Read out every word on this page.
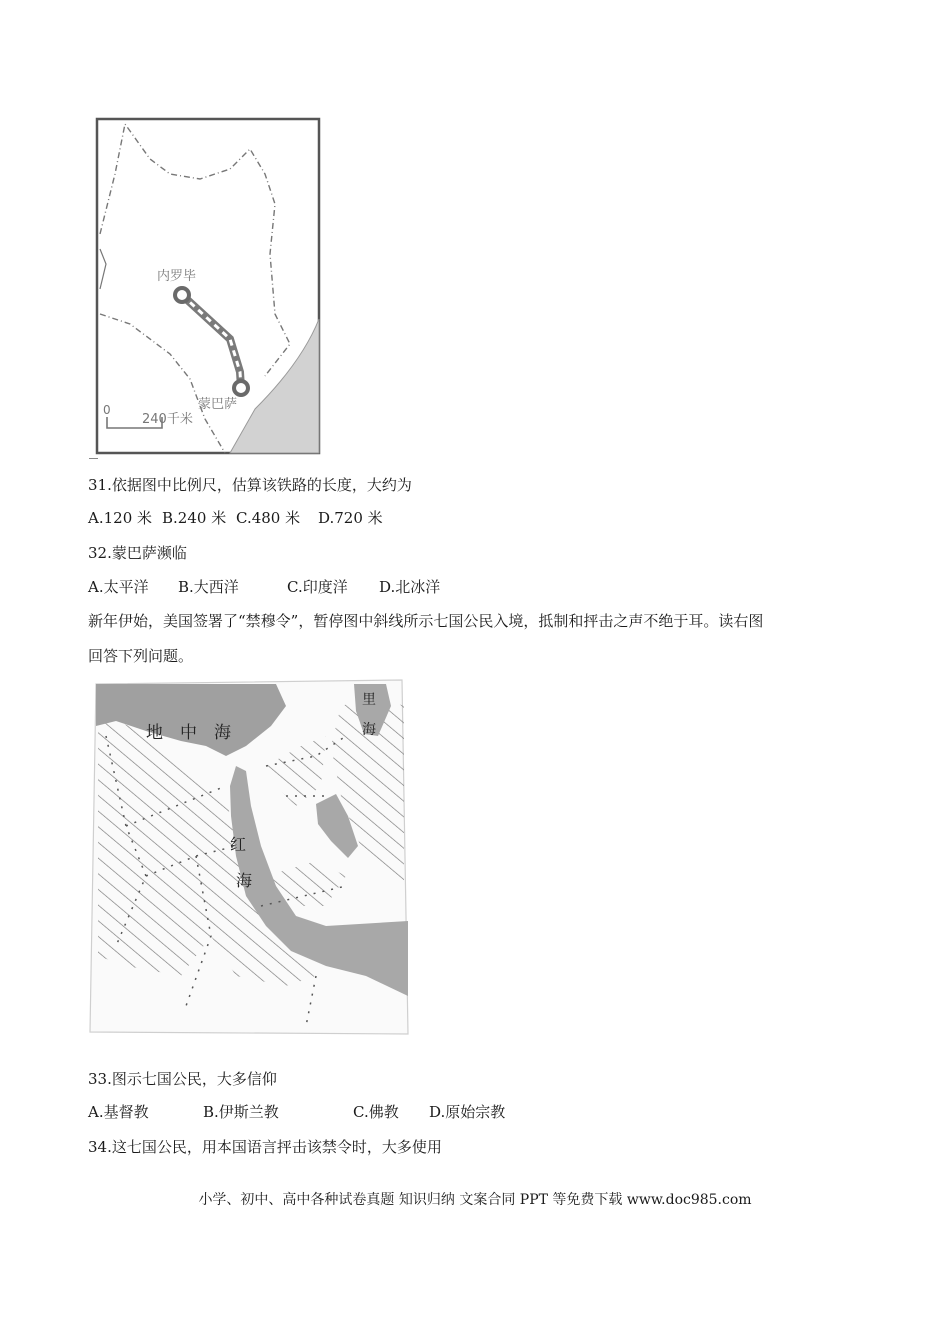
内罗毕
蒙巴萨
0
240千米
31.依据图中比例尺，估算该铁路的长度，大约为
A.120 米 B.240 米 C.480 米 D.720 米
32.蒙巴萨濒临
A.太平洋 B.大西洋	C.印度洋 D.北冰洋
新年伊始，美国签署了“禁穆令”，暂停图中斜线所示七国公民入境，抵制和抨击之声不绝于耳。读右图
回答下列问题。
地 中 海
红
海
里
海
33.图示七国公民，大多信仰
A.基督教	B.伊斯兰教	C.佛教 D.原始宗教
34.这七国公民，用本国语言抨击该禁令时，大多使用
小学、初中、高中各种试卷真题 知识归纳 文案合同 PPT 等免费下载 www.doc985.com
